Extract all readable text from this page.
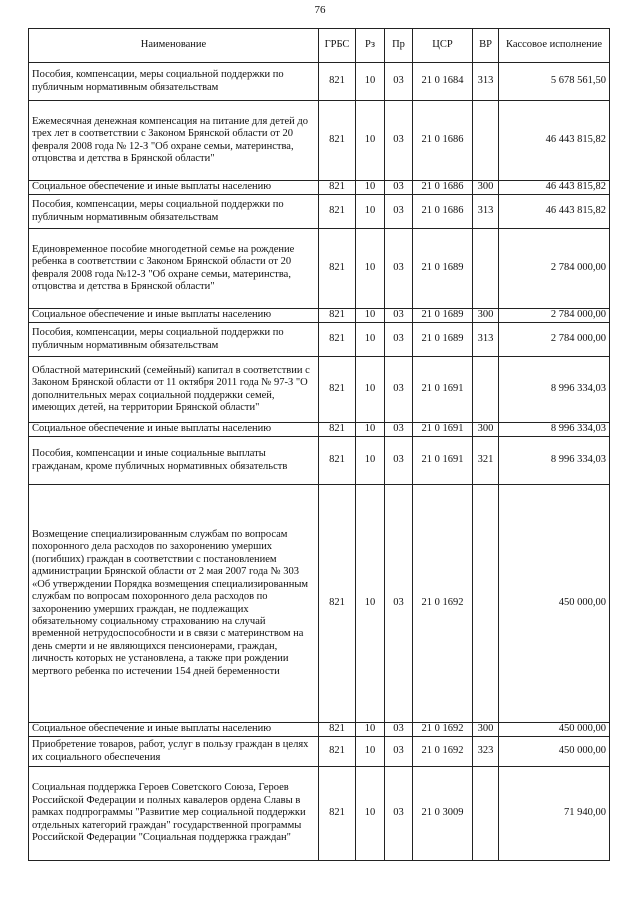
76
Наименование	ГРБС	Рз	Пр	ЦСР	ВР	Кассовое исполнение
Пособия, компенсации, меры социальной поддержки по публичным нормативным обязательствам	821	10	03	21 0 1684	313	5 678 561,50
Ежемесячная денежная компенсация на питание для детей до трех лет в соответствии с Законом Брянской области от 20 февраля 2008 года № 12-З "Об охране семьи, материнства, отцовства и детства в Брянской области"	821	10	03	21 0 1686		46 443 815,82
Социальное обеспечение и иные выплаты населению	821	10	03	21 0 1686	300	46 443 815,82
Пособия, компенсации, меры социальной поддержки по публичным нормативным обязательствам	821	10	03	21 0 1686	313	46 443 815,82
Единовременное пособие многодетной семье на рождение ребенка в соответствии с Законом Брянской области от 20 февраля 2008 года №12-З "Об охране семьи, материнства, отцовства и детства в Брянской области"	821	10	03	21 0 1689		2 784 000,00
Социальное обеспечение и иные выплаты населению	821	10	03	21 0 1689	300	2 784 000,00
Пособия, компенсации, меры социальной поддержки по публичным нормативным обязательствам	821	10	03	21 0 1689	313	2 784 000,00
Областной материнский (семейный) капитал в соответствии с Законом Брянской области от 11 октября 2011 года № 97-З "О дополнительных мерах социальной поддержки семей, имеющих детей, на территории Брянской области"	821	10	03	21 0 1691		8 996 334,03
Социальное обеспечение и иные выплаты населению	821	10	03	21 0 1691	300	8 996 334,03
Пособия, компенсации и иные социальные выплаты гражданам, кроме публичных нормативных обязательств	821	10	03	21 0 1691	321	8 996 334,03
Возмещение специализированным службам по вопросам похоронного дела расходов по захоронению умерших (погибших) граждан в соответствии с постановлением администрации Брянской области от 2 мая 2007 года № 303 «Об утверждении Порядка возмещения специализированным службам по вопросам похоронного дела расходов по захоронению умерших граждан, не подлежащих обязательному социальному страхованию на случай временной нетрудоспособности и в связи с материнством на день смерти и не являющихся пенсионерами, граждан, личность которых не установлена, а также при рождении мертвого ребенка по истечении 154 дней беременности	821	10	03	21 0 1692		450 000,00
Социальное обеспечение и иные выплаты населению	821	10	03	21 0 1692	300	450 000,00
Приобретение товаров, работ, услуг в пользу граждан в целях их социального обеспечения	821	10	03	21 0 1692	323	450 000,00
Социальная поддержка Героев Советского Союза, Героев Российской Федерации и полных кавалеров ордена Славы в рамках подпрограммы "Развитие мер социальной поддержки отдельных категорий граждан" государственной программы Российской Федерации "Социальная поддержка граждан"	821	10	03	21 0 3009		71 940,00
